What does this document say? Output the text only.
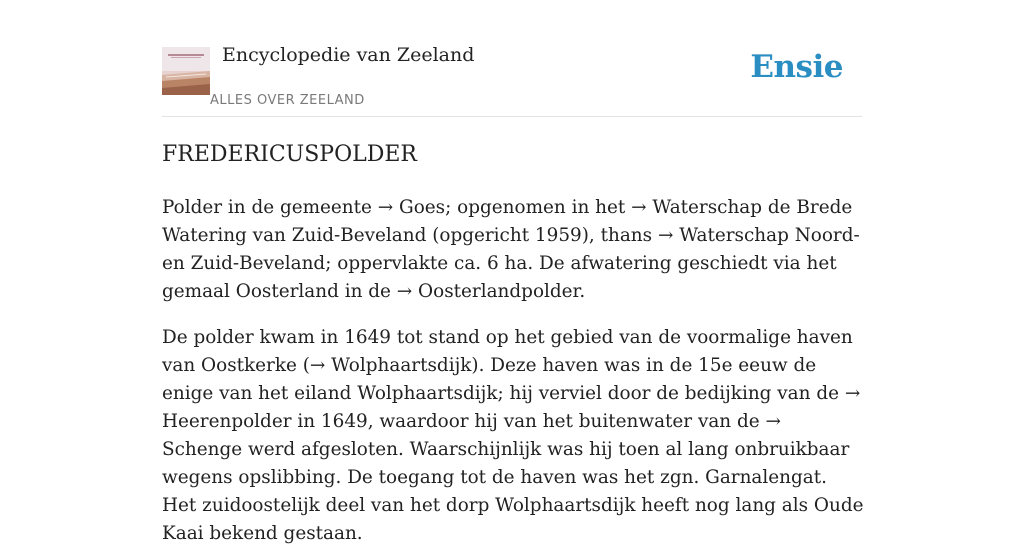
Encyclopedie van Zeeland
ALLES OVER ZEELAND
Ensie
FREDERICUSPOLDER

Polder in de gemeente → Goes; opgenomen in het → Waterschap de Brede Watering van Zuid-Beveland (opgericht 1959), thans → Waterschap Noord- en Zuid-Beveland; oppervlakte ca. 6 ha. De afwatering geschiedt via het gemaal Oosterland in de → Oosterlandpolder.

De polder kwam in 1649 tot stand op het gebied van de voormalige haven van Oostkerke (→ Wolphaartsdijk). Deze haven was in de 15e eeuw de enige van het eiland Wolphaartsdijk; hij verviel door de bedijking van de → Heerenpolder in 1649, waardoor hij van het buitenwater van de → Schenge werd afgesloten. Waarschijnlijk was hij toen al lang onbruikbaar wegens opslibbing. De toegang tot de haven was het zgn. Garnalengat. Het zuidoostelijk deel van het dorp Wolphaartsdijk heeft nog lang als Oude Kaai bekend gestaan.
